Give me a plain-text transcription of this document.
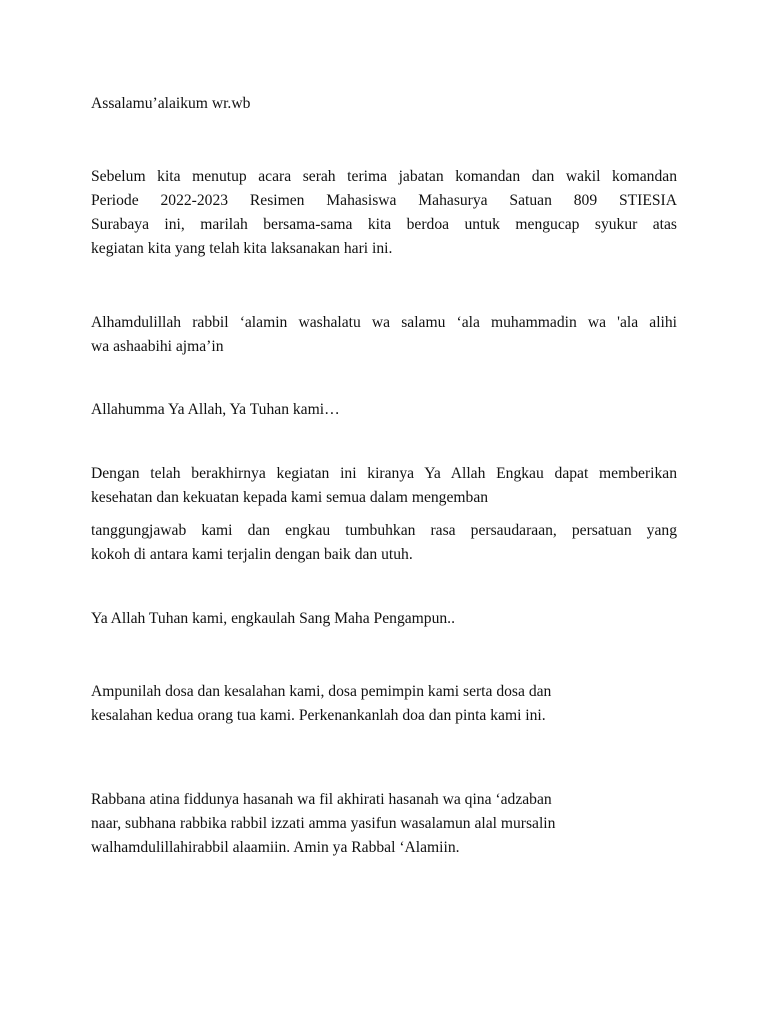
Assalamu’alaikum wr.wb

Sebelum kita menutup acara serah terima jabatan komandan dan wakil komandan
Periode 2022-2023 Resimen Mahasiswa Mahasurya Satuan 809 STIESIA
Surabaya ini, marilah bersama-sama kita berdoa untuk mengucap syukur atas
kegiatan kita yang telah kita laksanakan hari ini.

Alhamdulillah rabbil ‘alamin washalatu wa salamu ‘ala muhammadin wa 'ala alihi
wa ashaabihi ajma’in

Allahumma Ya Allah, Ya Tuhan kami…

Dengan telah berakhirnya kegiatan ini kiranya Ya Allah Engkau dapat memberikan
kesehatan dan kekuatan kepada kami semua dalam mengemban

tanggungjawab kami dan engkau tumbuhkan rasa persaudaraan, persatuan yang
kokoh di antara kami terjalin dengan baik dan utuh.

Ya Allah Tuhan kami, engkaulah Sang Maha Pengampun..

Ampunilah dosa dan kesalahan kami, dosa pemimpin kami serta dosa dan
kesalahan kedua orang tua kami. Perkenankanlah doa dan pinta kami ini.

Rabbana atina fiddunya hasanah wa fil akhirati hasanah wa qina ‘adzaban
naar, subhana rabbika rabbil izzati amma yasifun wasalamun alal mursalin
walhamdulillahirabbil alaamiin. Amin ya Rabbal ‘Alamiin.
